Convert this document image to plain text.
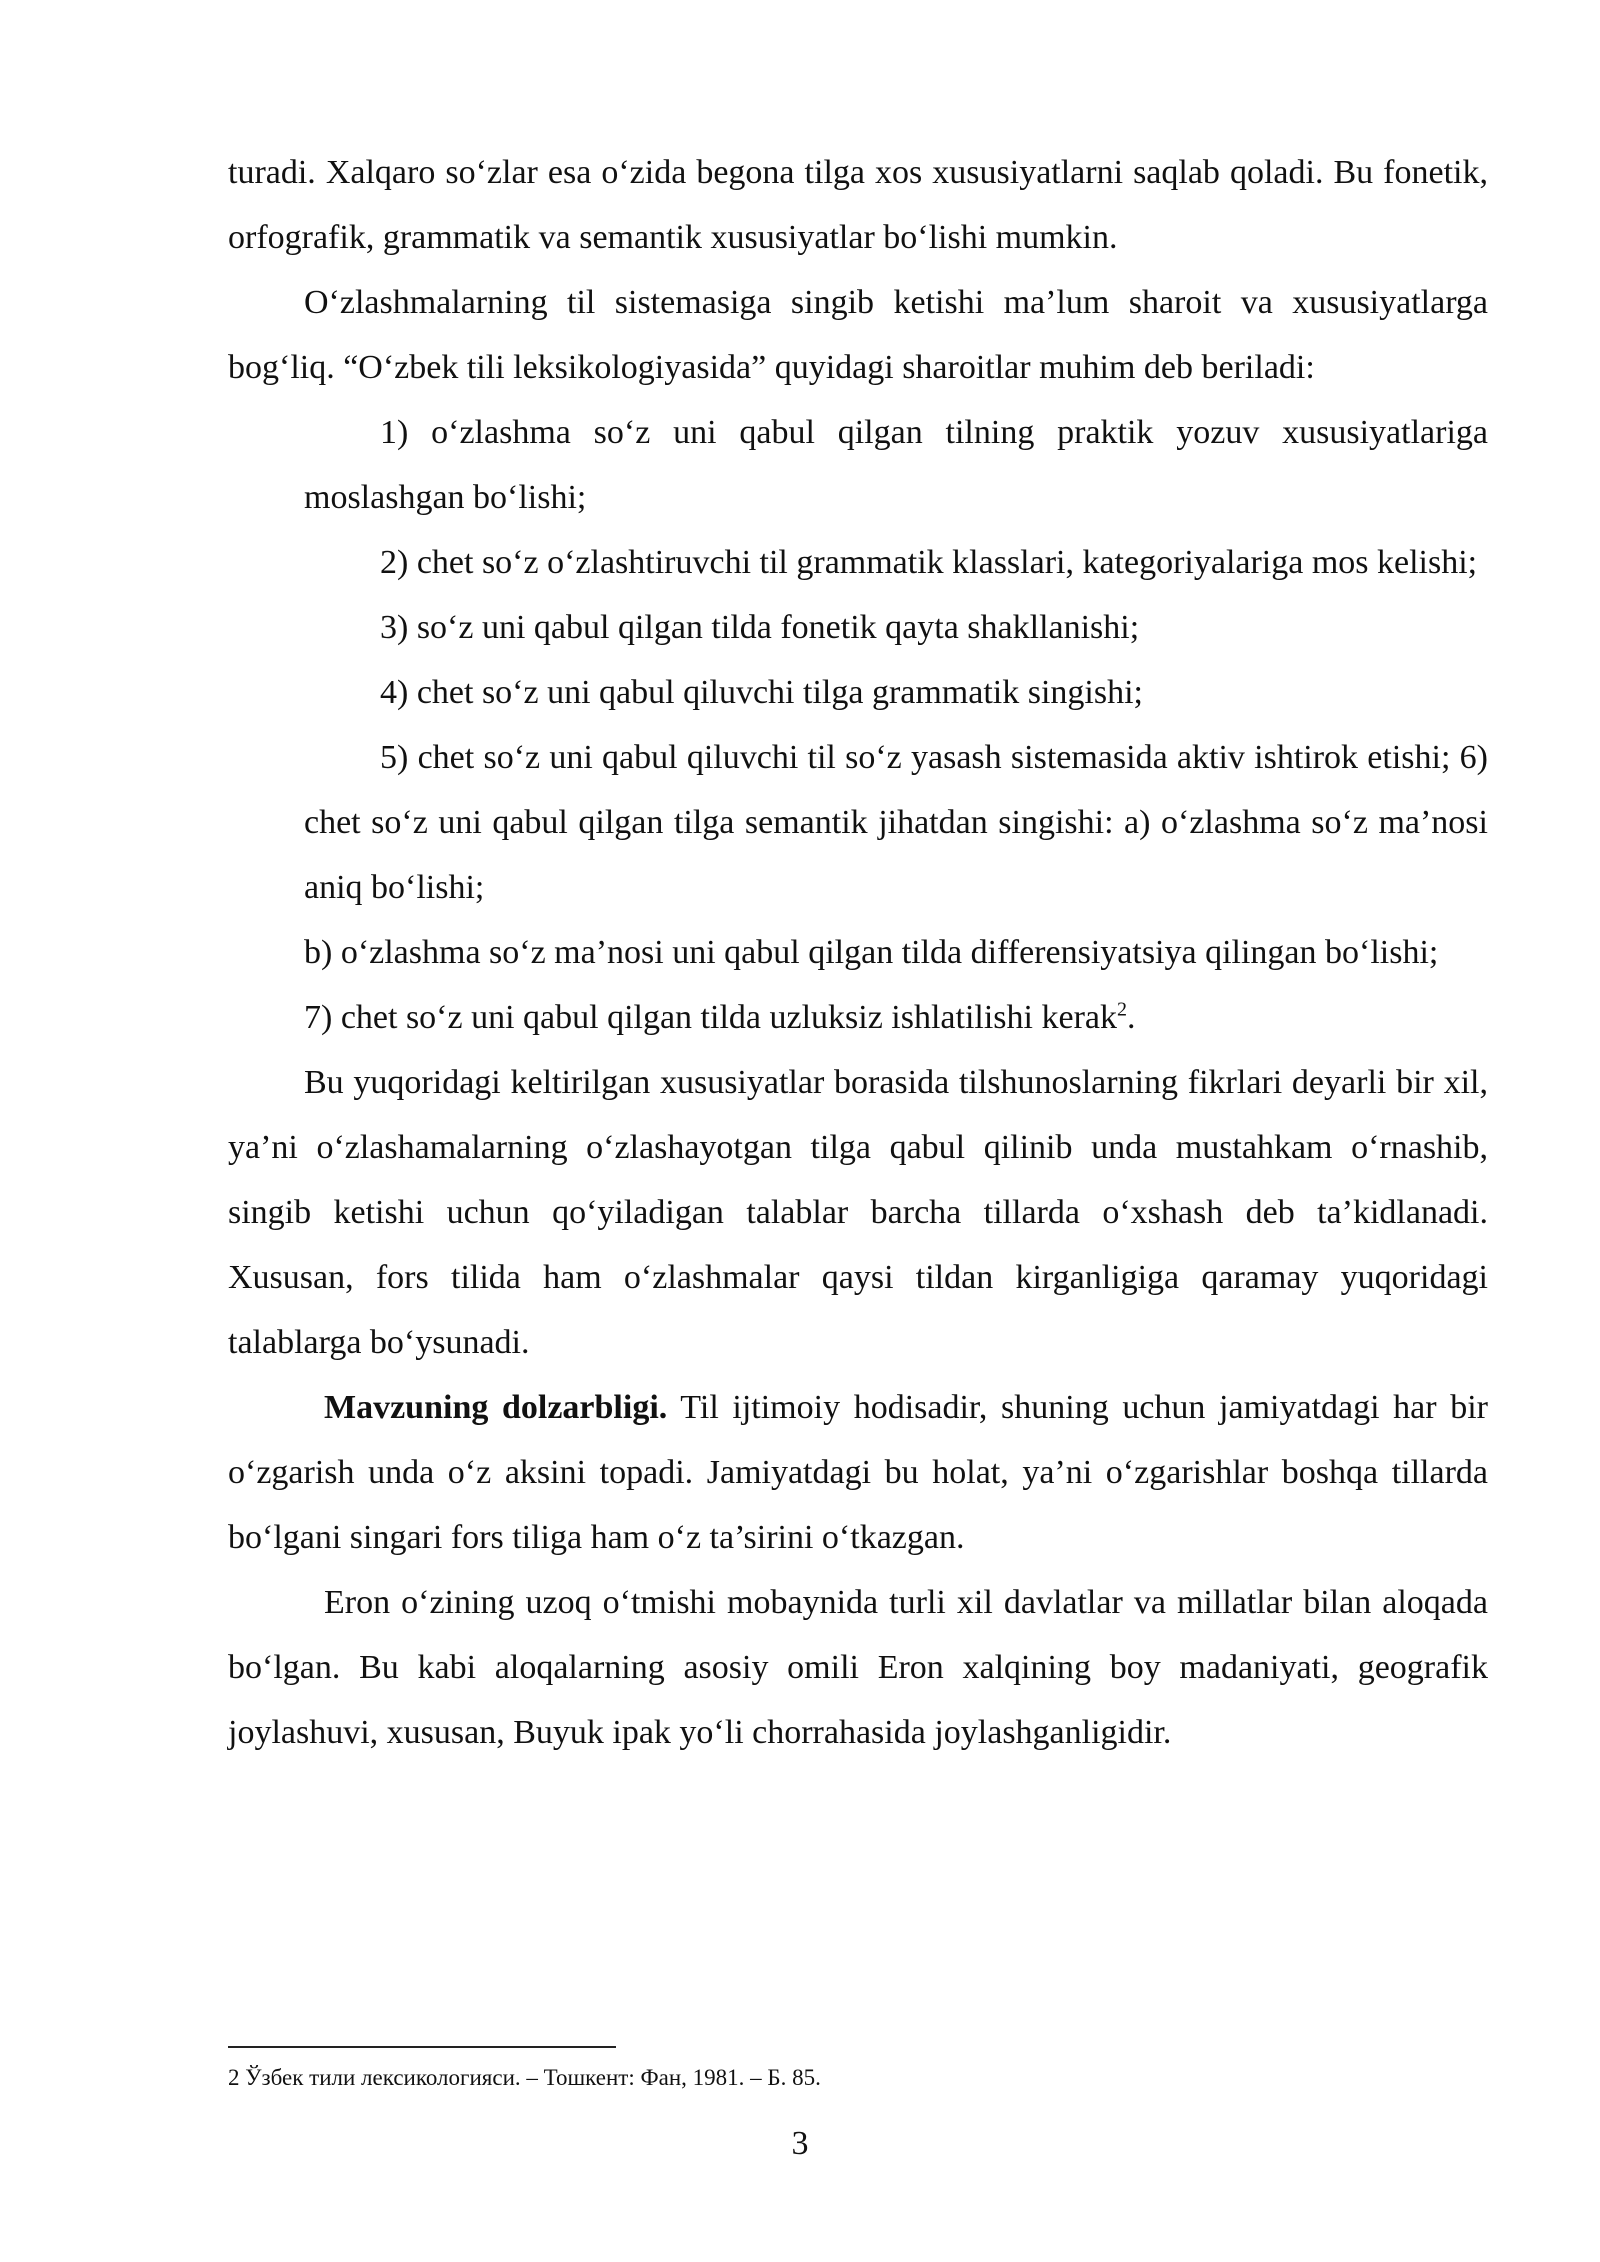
turadi. Xalqaro so‘zlar esa o‘zida begona tilga xos xususiyatlarni saqlab qoladi. Bu fonetik, orfografik, grammatik va semantik xususiyatlar bo‘lishi mumkin.

O‘zlashmalarning til sistemasiga singib ketishi ma’lum sharoit va xususiyatlarga bog‘liq. “O‘zbek tili leksikologiyasida” quyidagi sharoitlar muhim deb beriladi:

1) o‘zlashma so‘z uni qabul qilgan tilning praktik yozuv xususiyatlariga moslashgan bo‘lishi;

2) chet so‘z o‘zlashtiruvchi til grammatik klasslari, kategoriyalariga mos kelishi;

3) so‘z uni qabul qilgan tilda fonetik qayta shakllanishi;

4) chet so‘z uni qabul qiluvchi tilga grammatik singishi;

5) chet so‘z uni qabul qiluvchi til so‘z yasash sistemasida aktiv ishtirok etishi; 6) chet so‘z uni qabul qilgan tilga semantik jihatdan singishi: a) o‘zlashma so‘z ma’nosi aniq bo‘lishi;

b) o‘zlashma so‘z ma’nosi uni qabul qilgan tilda differensiyatsiya qilingan bo‘lishi;

7) chet so‘z uni qabul qilgan tilda uzluksiz ishlatilishi kerak$^2$.

Bu yuqoridagi keltirilgan xususiyatlar borasida tilshunoslarning fikrlari deyarli bir xil, ya’ni o‘zlashamalarning o‘zlashayotgan tilga qabul qilinib unda mustahkam o‘rnashib, singib ketishi uchun qo‘yiladigan talablar barcha tillarda o‘xshash deb ta’kidlanadi. Xususan, fors tilida ham o‘zlashmalar qaysi tildan kirganligiga qaramay yuqoridagi talablarga bo‘ysunadi.

Mavzuning dolzarbligi. Til ijtimoiy hodisadir, shuning uchun jamiyatdagi har bir o‘zgarish unda o‘z aksini topadi. Jamiyatdagi bu holat, ya’ni o‘zgarishlar boshqa tillarda bo‘lgani singari fors tiliga ham o‘z ta’sirini o‘tkazgan.

Eron o‘zining uzoq o‘tmishi mobaynida turli xil davlatlar va millatlar bilan aloqada bo‘lgan. Bu kabi aloqalarning asosiy omili Eron xalqining boy madaniyati, geografik joylashuvi, xususan, Buyuk ipak yo‘li chorrahasida joylashganligidir.

2 Ўзбек тили лексикологияси. – Тошкент: Фан, 1981. – Б. 85.
3
